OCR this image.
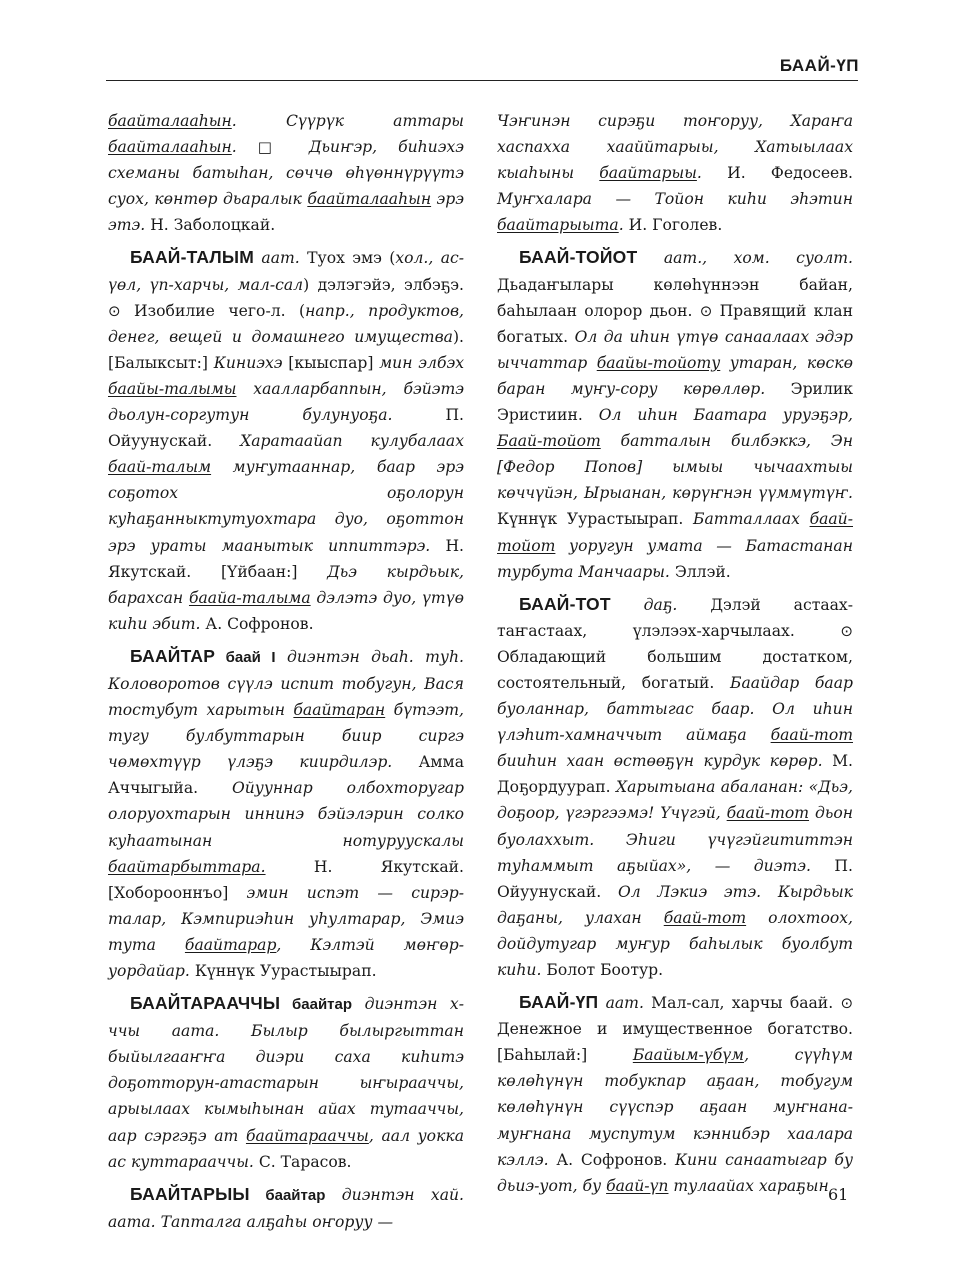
БААЙ-ҮП

баайталааһын. Сүүрүк аттары баайталааһын. □ Дьиҥэр, биһиэхэ схеманы батыһан, сөччө өһүөннүрүүтэ суох, көнтөр дьаралык баайталааһын эрэ этэ. Н. Заболоцкай.

БААЙ-ТАЛЫМ аат. Туох эмэ (хол., ас-үөл, үп-харчы, мал-сал) дэлэгэйэ, элбэҕэ. ⊙ Изобилие чего-л. (напр., продуктов, денег, вещей и домашнего имущества). [Балыксыт:] Киниэхэ [кыыспар] мин элбэх баайы-талымы хаалларбаппын, бэйэтэ дьолун-соргутун булунуоҕа. П. Ойуунускай. Харатаайап кулубалаах баай-талым муҥутааннар, баар эрэ соҕотох оҕолорун куһаҕанныктутуохтара дуо, оҕоттон эрэ ураты маанытык иппиттэрэ. Н. Якутскай. [Үйбаан:] Дьэ кырдьык, барахсан баайа-талыма дэлэтэ дуо, үтүө киһи эбит. А. Софронов.

БААЙТАР баай I диэнтэн дьаһ. туһ. Коловоротов сүүлэ испит тобугун, Вася тостубут харытын баайтаран бүтээт, тугу булбуттарын биир сиргэ чөмөхтүүр үлэҕэ киирдилэр. Амма Аччыгыйа. Ойууннар олбохторугар олоруохтарын иннинэ бэйэлэрин солко куһаатынан нотуруускалы баайтарбыттара. Н. Якутскай. [Хоборооннъо] эмин испэт — сирэр-талар, Кэмпириэһин уһултарар, Эмиэ тута баайтарар, Кэлтэй мөҥөр-уордайар. Күннүк Уурастыырап.

БААЙТАРААЧЧЫ баайтар диэнтэн х-ччы аата. Былыр былыргыттан быйылгааҥҥа диэри саха киһитэ доҕотторун-атастарын ыҥырааччы, арыылаах кымыһынан айах тутааччы, аар сэргэҕэ ат баайтарааччы, аал уокка ас куттарааччы. С. Тарасов.

БААЙТАРЫЫ баайтар диэнтэн хай. аата. Тапталга алҕаһы оҥоруу —

Чэҥинэн сирэҕи тоҥоруу, Хараҥа хаспаххa хааййтарыы, Хатыылаах кыаһыны баайтарыы. И. Федосеев. Муҥхалара — Тойон киһи эһэтин баайтарыыта. И. Гоголев.

БААЙ-ТОЙОТ аат., хом. суолт. Дьадаҥылары көлөһүннээн байан, баһылаан олорор дьон. ⊙ Правящий клан богатых. Ол да иһин үтүө санаалаах эдэр ыччаттар баайы-тойоту утаран, көскө баран муҥу-сору көрөллөр. Эрилик Эристиин. Ол иһин Баатара уруэҕэр, Баай-тойот батталын билбэккэ, Эн [Федор Попов] ымыы чычаахтыы көччүйэн, Ырыанан, көрүҥнэн үүммүтүҥ. Күннүк Уурастыырап. Батталлаах баай-тойот уоругун умата — Батастанан турбута Манчаары. Эллэй.

БААЙ-ТОТ даҕ. Дэлэй астаах-таҥастаах, үлэлээх-харчылаах.	⊙ Обладающий большим достатком, состоятельный, богатый. Баайдар баар буоланнар, баттыгас баар. Ол иһин үлэһит-хамначчыт аймаҕа баай-тот бииһин хаан өстөөҕүн курдук көрөр. М. Доҕордуурап. Харытыана абаланан: «Дьэ, доҕоор, үгэргээмэ! Үчүгэй, баай-тот дьон буолаххыт. Эһиги үчүгэйгититтэн туһаммыт аҕыйах», — диэтэ. П. Ойуунускай. Ол Лэкиэ этэ. Кырдьык даҕаны, улахан баай-тот олохтоох, дойдутугар муҥур баһылык буолбут киһи. Болот Боотур.

БААЙ-ҮП аат. Мал-сал, харчы баай. ⊙ Денежное и имущественное богатство. [Баһылай:]	Баайым-үбүм, сүүһүм көлөһүнүн тобукпар аҕаан, тобугум көлөһүнүн сүүспэр аҕаан муҥнана-муҥнана муспутум кэннибэр хаалара кэллэ. А. Софронов. Кини санаатыгар бу дьиэ-уот, бу баай-үп тулаайах хараҕын 61
